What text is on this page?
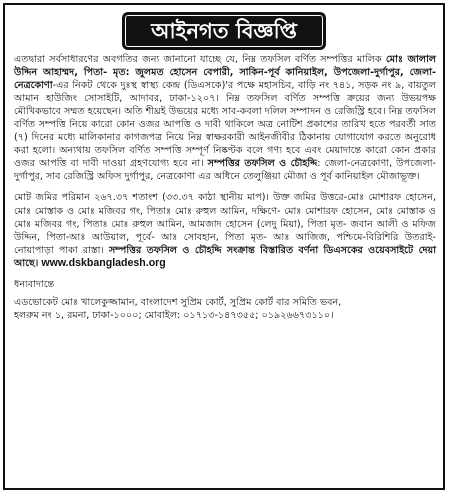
আইনগত বিজ্ঞপ্তি

এতদ্বারা সর্বসাধারণের অবগতির জন্য জানানো যাচ্ছে যে, নিম্ন তফসিল বর্ণিত সম্পত্তির মালিক মোঃ জালাল উদ্দিন আহাম্মদ, পিতা- মৃত: জুলমত হোসেন বেপারী, সাকিন-পূর্ব কানিয়াইল, উপজেলা-দুর্গাপুর, জেলা- নেত্রকোণা-এর নিকট থেকে দুঃস্থ স্বাস্থ্য কেন্দ্র (ডিএসকে)'র পক্ষে মহাসচিব, বাড়ি নং ৭৪১, সড়ক নং ৯, বায়তুল আমান হাউজিং সোসাইটি, আদাবর, ঢাকা-১২০৭। নিম্ন তফসিল বর্ণিত সম্পত্তি ক্রয়ের জন্য উভয়পক্ষ মৌখিকভাবে সম্মত হয়েছেন। অতি শীঘ্রই উভয়ের মধ্যে সাব-কবলা দলিল সম্পাদন ও রেজিস্ট্রি হবে। নিম্ন তফসিল বর্ণিত সম্পত্তি নিয়ে কারো কোন ওজর আপত্তি ও দাবী থাকিলে অত্র নোটিশ প্রকাশের তারিখ হতে পরবর্তী সাত (৭) দিনের মধ্যে মালিকানার কাগজপত্র নিয়ে নিম্ন স্বাক্ষরকারী আইনজীবীর ঠিকানায় যোগাযোগ করতে অনুরোধ করা হলো। অন্যথায় তফসিল বর্ণিত সম্পত্তি সম্পূর্ণ নিষ্কণ্টক বলে গণ্য হবে এবং মেয়াদান্তে কারো কোন প্রকার ওজর আপত্তি বা দাবী দাওয়া গ্রহণযোগ্য হবে না। সম্পত্তির তফসিল ও চৌহদ্দি: জেলা-নেত্রকোণা, উপজেলা-দুর্গাপুর, সাব রেজিস্ট্রি অফিস দুর্গাপুর, নেত্রকোণা এর অধিনে তেলুঞ্জিয়া মৌজা ও পূর্ব কানিয়াইল মৌজাভূক্ত।

মোট জমির পরিমান ২৬৭.৩৭ শতাংশ (৩৩.৩৭ কাঠা স্থানীয় মাপ)। উক্ত জমির উত্তরে-মোঃ মোশারফ হোসেন, মোঃ মোস্তাক ও মোঃ মজিবর গং, পিতাঃ মোঃ রুহুল আমিন, দক্ষিণে- মোঃ মোশারফ হোসেন, মোঃ মোস্তাক ও মোঃ মজিবর গং, পিতাঃ মোঃ রুহুল আমিন, আমজাদ হোসেন (লেদু মিয়া), পিতা মৃত- জবান আলী ও মফিজ উদ্দিন, পিতা-আঃ আউয়াল, পূর্বে- আঃ সোবহান, পিতা মৃত- আঃ আজিজ, পশ্চিমে-বিরিশিরি উতরাই-নোয়াপাড়া পাকা রাস্তা। সম্পত্তির তফসিল ও চৌহদ্দি সংক্রান্ত বিস্তারিত বর্ণনা ডিএসকের ওয়েবসাইটে দেয়া আছে। www.dskbangladesh.org

ধন্যবাদান্তে

এডভোকেট মোঃ খালেকুজ্জামান, বাংলাদেশ সুপ্রিম কোর্ট, সুপ্রিম কোর্ট বার সমিতি ভবন,

হলরুম নং ১, রমনা, ঢাকা-১০০০; মোবাইল: ০১৭১৩-১৪৭৩৫৫; ০১৯২৬৬৭৩১১০।
